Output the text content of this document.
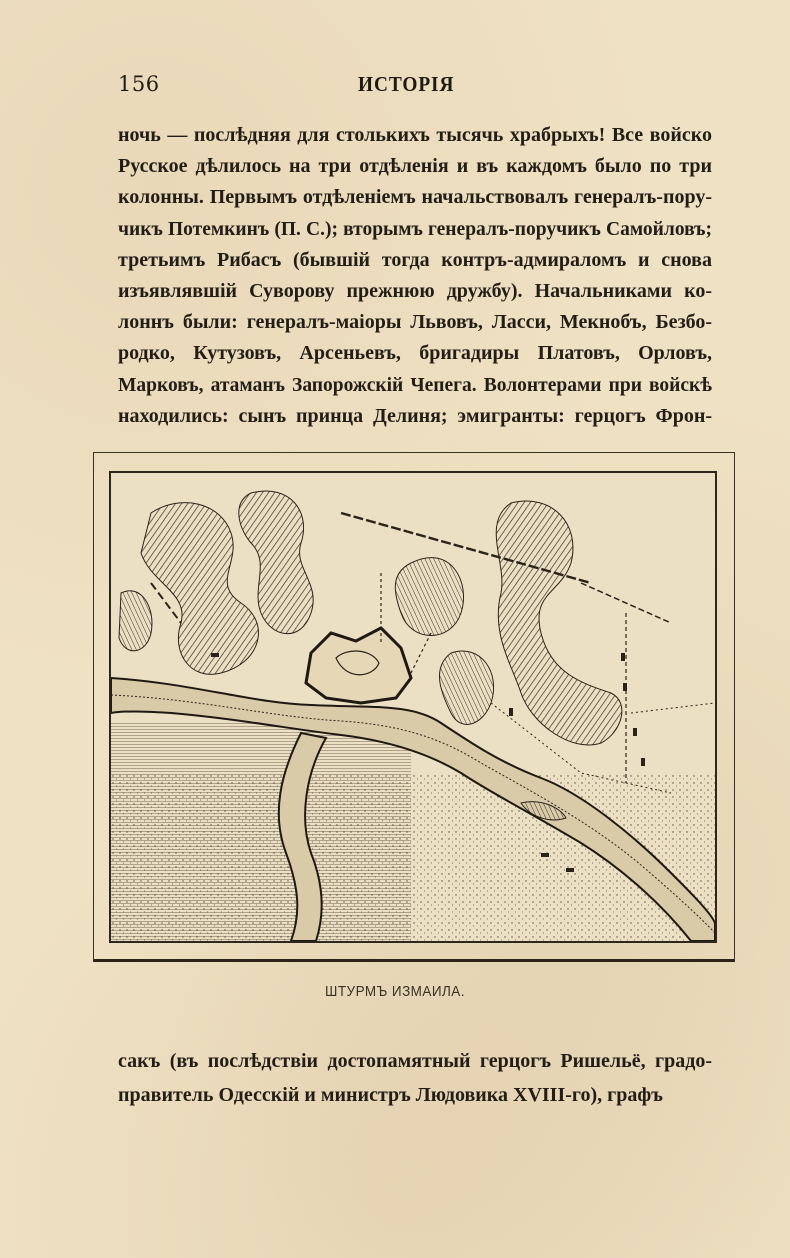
156	ИСТОРІЯ
ночь — послѣдняя для столькихъ тысячь храбрыхъ! Все войско
Русское дѣлилось на три отдѣленія и въ каждомъ было по три
колонны. Первымъ отдѣленіемъ начальствовалъ генералъ-пору-
чикъ Потемкинъ (П. С.); вторымъ генералъ-поручикъ Самойловъ;
третьимъ Рибасъ (бывшій тогда контръ-адмираломъ и снова
изъявлявшій Суворову прежнюю дружбу). Начальниками ко-
лоннъ были: генералъ-маіоры Львовъ, Ласси, Мекнобъ, Безбо-
родко, Кутузовъ, Арсеньевъ, бригадиры Платовъ, Орловъ,
Марковъ, атаманъ Запорожскій Чепега. Волонтерами при войскѣ
находились: сынъ принца Делиня; эмигранты: герцогъ Фрон-
ШТУРМЪ ИЗМАИЛА.
сакъ (въ послѣдствіи достопамятный герцогъ Ришельё, градо-
правитель Одесскій и министръ Людовика XVIII-го), графъ
